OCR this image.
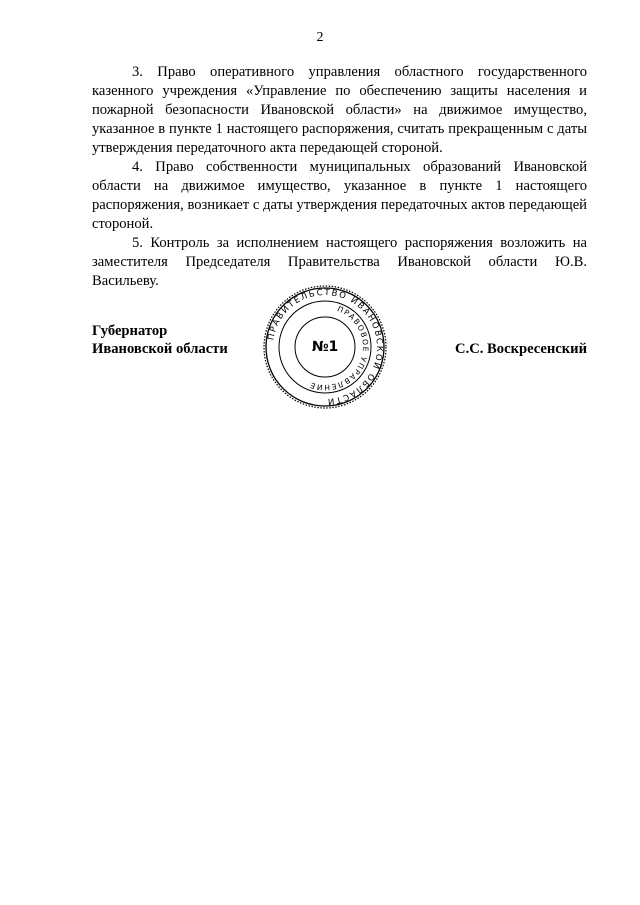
2

3. Право оперативного управления областного государственного казенного учреждения «Управление по обеспечению защиты населения и пожарной безопасности Ивановской области» на движимое имущество, указанное в пункте 1 настоящего распоряжения, считать прекращенным с даты утверждения передаточного акта передающей стороной.

4. Право собственности муниципальных образований Ивановской области на движимое имущество, указанное в пункте 1 настоящего распоряжения, возникает с даты утверждения передаточных актов передающей стороной.

5. Контроль за исполнением настоящего распоряжения возложить на заместителя Председателя Правительства Ивановской области Ю.В. Васильеву.

Губернатор
Ивановской области	С.С. Воскресенский
ПРАВИТЕЛЬСТВО ИВАНОВСКОЙ ОБЛАСТИ
ПРАВОВОЕ УПРАВЛЕНИЕ
№1
